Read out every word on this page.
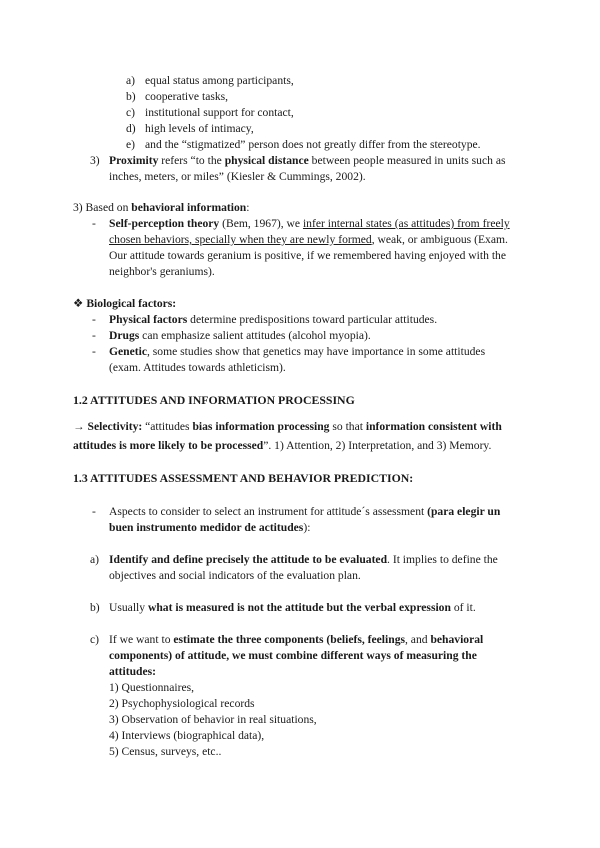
a) equal status among participants,
b) cooperative tasks,
c) institutional support for contact,
d) high levels of intimacy,
e) and the “stigmatized” person does not greatly differ from the stereotype.
3) Proximity refers “to the physical distance between people measured in units such as
inches, meters, or miles” (Kiesler & Cummings, 2002).
3) Based on behavioral information:
- Self-perception theory (Bem, 1967), we infer internal states (as attitudes) from freely
chosen behaviors, specially when they are newly formed, weak, or ambiguous (Exam.
Our attitude towards geranium is positive, if we remembered having enjoyed with the
neighbor's geraniums).
❖ Biological factors:
- Physical factors determine predispositions toward particular attitudes.
- Drugs can emphasize salient attitudes (alcohol myopia).
- Genetic, some studies show that genetics may have importance in some attitudes
(exam. Attitudes towards athleticism).
1.2 ATTITUDES AND INFORMATION PROCESSING
→ Selectivity: “attitudes bias information processing so that information consistent with
attitudes is more likely to be processed”. 1) Attention, 2) Interpretation, and 3) Memory.
1.3 ATTITUDES ASSESSMENT AND BEHAVIOR PREDICTION:
- Aspects to consider to select an instrument for attitude´s assessment (para elegir un
buen instrumento medidor de actitudes):
a) Identify and define precisely the attitude to be evaluated. It implies to define the
objectives and social indicators of the evaluation plan.
b) Usually what is measured is not the attitude but the verbal expression of it.
c) If we want to estimate the three components (beliefs, feelings, and behavioral
components) of attitude, we must combine different ways of measuring the
attitudes:
1) Questionnaires,
2) Psychophysiological records
3) Observation of behavior in real situations,
4) Interviews (biographical data),
5) Census, surveys, etc..
